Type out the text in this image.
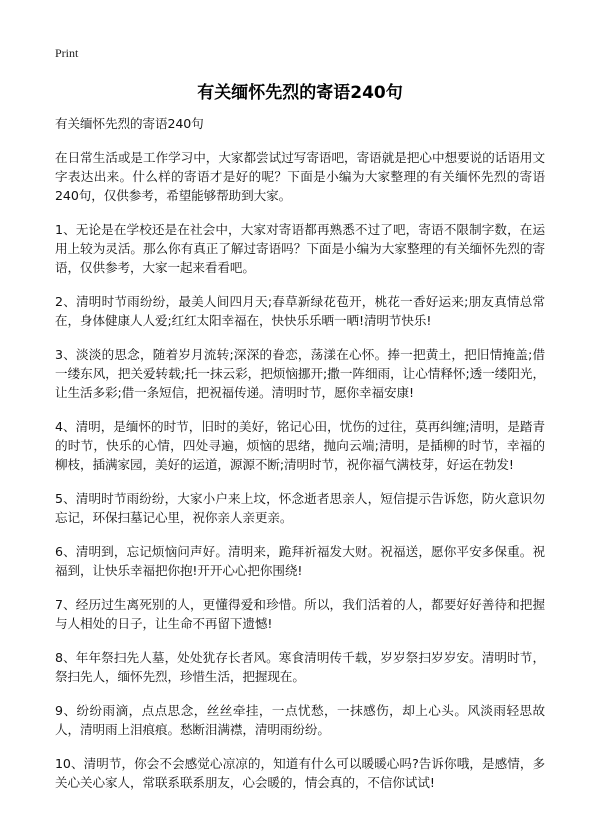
Print
有关缅怀先烈的寄语240句

有关缅怀先烈的寄语240句

在日常生活或是工作学习中，大家都尝试过写寄语吧，寄语就是把心中想要说的话语用文字表达出来。什么样的寄语才是好的呢？下面是小编为大家整理的有关缅怀先烈的寄语240句，仅供参考，希望能够帮助到大家。

1、无论是在学校还是在社会中，大家对寄语都再熟悉不过了吧，寄语不限制字数，在运用上较为灵活。那么你有真正了解过寄语吗？下面是小编为大家整理的有关缅怀先烈的寄语，仅供参考，大家一起来看看吧。

2、清明时节雨纷纷，最美人间四月天;春草新绿花苞开，桃花一香好运来;朋友真情总常在，身体健康人人爱;红红太阳幸福在，快快乐乐晒一晒!清明节快乐!

3、淡淡的思念，随着岁月流转;深深的眷恋，荡漾在心怀。捧一把黄土，把旧情掩盖;借一缕东风，把关爱转载;托一抹云彩，把烦恼挪开;撒一阵细雨，让心情释怀;透一缕阳光，让生活多彩;借一条短信，把祝福传递。清明时节，愿你幸福安康!

4、清明，是缅怀的时节，旧时的美好，铭记心田，忧伤的过往，莫再纠缠;清明，是踏青的时节，快乐的心情，四处寻遍，烦恼的思绪，抛向云端;清明，是插柳的时节，幸福的柳枝，插满家园，美好的运道，源源不断;清明时节，祝你福气满枝芽，好运在勃发!

5、清明时节雨纷纷，大家小户来上坟，怀念逝者思亲人，短信提示告诉您，防火意识勿忘记，环保扫墓记心里，祝你亲人亲更亲。

6、清明到，忘记烦恼问声好。清明来，跪拜祈福发大财。祝福送，愿你平安多保重。祝福到，让快乐幸福把你抱!开开心心把你围绕!

7、经历过生离死别的人，更懂得爱和珍惜。所以，我们活着的人，都要好好善待和把握与人相处的日子，让生命不再留下遗憾!

8、年年祭扫先人墓，处处犹存长者风。寒食清明传千载，岁岁祭扫岁岁安。清明时节，祭扫先人，缅怀先烈，珍惜生活，把握现在。

9、纷纷雨滴，点点思念，丝丝牵挂，一点忧愁，一抹感伤，却上心头。风淡雨轻思故人，清明雨上泪痕痕。愁断泪满襟，清明雨纷纷。

10、清明节，你会不会感觉心凉凉的，知道有什么可以暖暖心吗?告诉你哦，是感情，多关心关心家人，常联系联系朋友，心会暖的，情会真的，不信你试试!
